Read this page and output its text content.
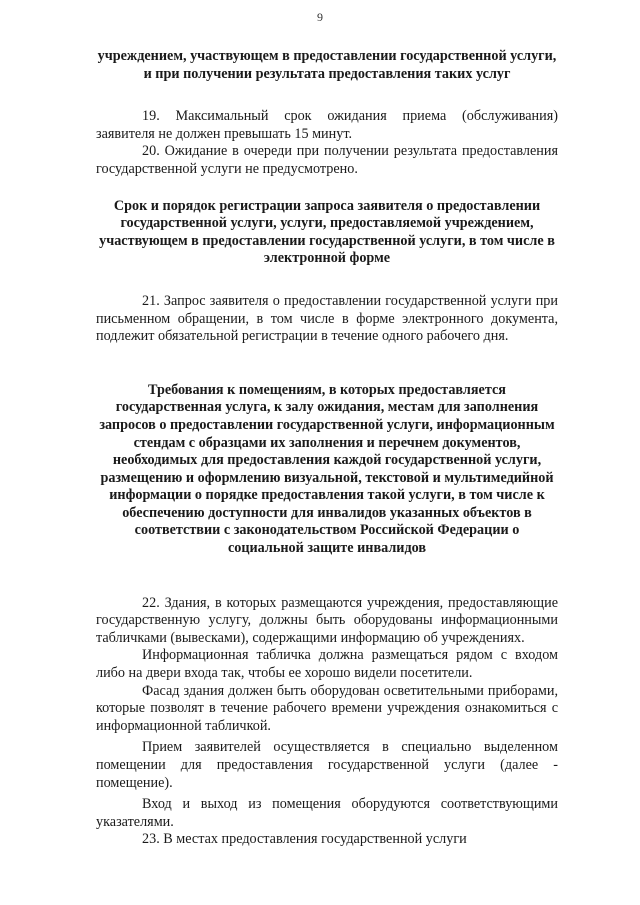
9

учреждением, участвующем в предоставлении государственной услуги, и при получении результата предоставления таких услуг

19. Максимальный срок ожидания приема (обслуживания) заявителя не должен превышать 15 минут.

20. Ожидание в очереди при получении результата предоставления государственной услуги не предусмотрено.

Срок и порядок регистрации запроса заявителя о предоставлении государственной услуги, услуги, предоставляемой учреждением, участвующем в предоставлении государственной услуги, в том числе в электронной форме

21. Запрос заявителя о предоставлении государственной услуги при письменном обращении, в том числе в форме электронного документа, подлежит обязательной регистрации в течение одного рабочего дня.

Требования к помещениям, в которых предоставляется государственная услуга, к залу ожидания, местам для заполнения запросов о предоставлении государственной услуги, информационным стендам с образцами их заполнения и перечнем документов, необходимых для предоставления каждой государственной услуги, размещению и оформлению визуальной, текстовой и мультимедийной информации о порядке предоставления такой услуги, в том числе к обеспечению доступности для инвалидов указанных объектов в соответствии с законодательством Российской Федерации о социальной защите инвалидов

22. Здания, в которых размещаются учреждения, предоставляющие государственную услугу, должны быть оборудованы информационными табличками (вывесками), содержащими информацию об учреждениях.

Информационная табличка должна размещаться рядом с входом либо на двери входа так, чтобы ее хорошо видели посетители.

Фасад здания должен быть оборудован осветительными приборами, которые позволят в течение рабочего времени учреждения ознакомиться с информационной табличкой.

Прием заявителей осуществляется в специально выделенном помещении для предоставления государственной услуги (далее - помещение).

Вход и выход из помещения оборудуются соответствующими указателями.

23. В местах предоставления государственной услуги
